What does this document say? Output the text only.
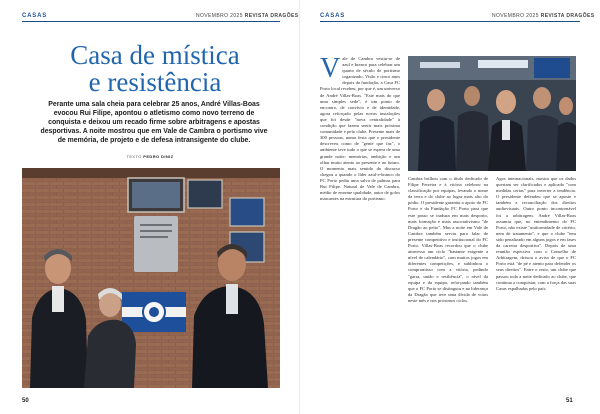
CASAS	NOVEMBRO 2025 REVISTA DRAGÕES
Casa de mística
e resistência
Perante uma sala cheia para celebrar 25 anos, André Villas-Boas evocou Rui Filipe, apontou o atletismo como novo terreno de conquista e deixou um recado firme sobre arbitragens e apostas desportivas. A noite mostrou que em Vale de Cambra o portismo vive de memória, de projeto e de defesa intransigente do clube.
TEXTO PEDRO DINIZ
50
CASAS	NOVEMBRO 2025 REVISTA DRAGÕES
Vale de Cambra vestiu-se de azul e branco para celebrar um quarto de século de portismo organizado. Visão e cinco anos depois da fundação, a Casa FC Porto local recebeu, por que é, um universo de André Villas-Boas. "Este mais do que uma simples sede", é um ponto de encontro, de convívio e de identidade, agora reforçado pelas novas instalações que foi desde "nova centralidade" à condição que fazem sentir mais próxima comunidade e pelo clube. Presente mais de 300 pessoas, numa festa que o presidente descreveu como de "gente que faz", o ambiente teve tudo o que se espera de uma grande noite: memórias, ambição e um olhar muito atento ao presente e ao futuro. O momento mais sentido do discurso chegou a quando o líder azul-e-branco do FC Porto pediu uma salva de palmas para Rui Filipe. Natural de Vale de Cambra, médio de enorme qualidade, autor de golos marcantes na estrutura do portismo.
Cambra brilhou com o título dedicado de Filipe Ferreira e à vitória celebrou na classificação por equipas, levando o nome da terra e do clube ao lugar mais alto do pódio. O presidente garantiu o apoio do FC Porto e da Fundação FC Porto para que este passo se traduza em mais desporto, mais formação e mais associativismo "de Dragão ao peito". Mas a noite em Vale de Cambra também serviu para falar de presente competitivo e institucional do FC Porto. Villas-Boas recordou que o clube atravessa um ciclo "bastante exigente a nível de calendário", com muitos jogos em diferentes competições, e sublinhou o compromisso com a vitória, pedindo "garra, união e resiliência", o nível da equipa e da equipa, reforçando também que o FC Porto se distinguiu e na liderança da Dragão que teve uma dívida de votos neste mês e nos próximos ciclos.
Agos internacionais, mostra que os dados queriam ser clarificados e aplicado "com medidas certas" para inverter a tendência. O presidente defendeu que se aposte e também a reconciliação dos direitos audiovisuais. Outro ponto incontornável foi a arbitragem. André Villas-Boas assumiu que, no entendimento do FC Porto, não existe "uniformidade de critério, nem de tratamento", e que o clube "tem sido penalizado em alguns jogos e em fases da carreira desportiva". Depois de uma reunião espectiva com o Conselho de Arbitragem, deixou o aviso de que o FC Porto está "de pé e atento para defender os seus direitos". Entre o resto, um clube que passou toda a noite dedicado ao clube, que continua a conquistar, com a força das suas Casas espalhadas pelo país.
51
